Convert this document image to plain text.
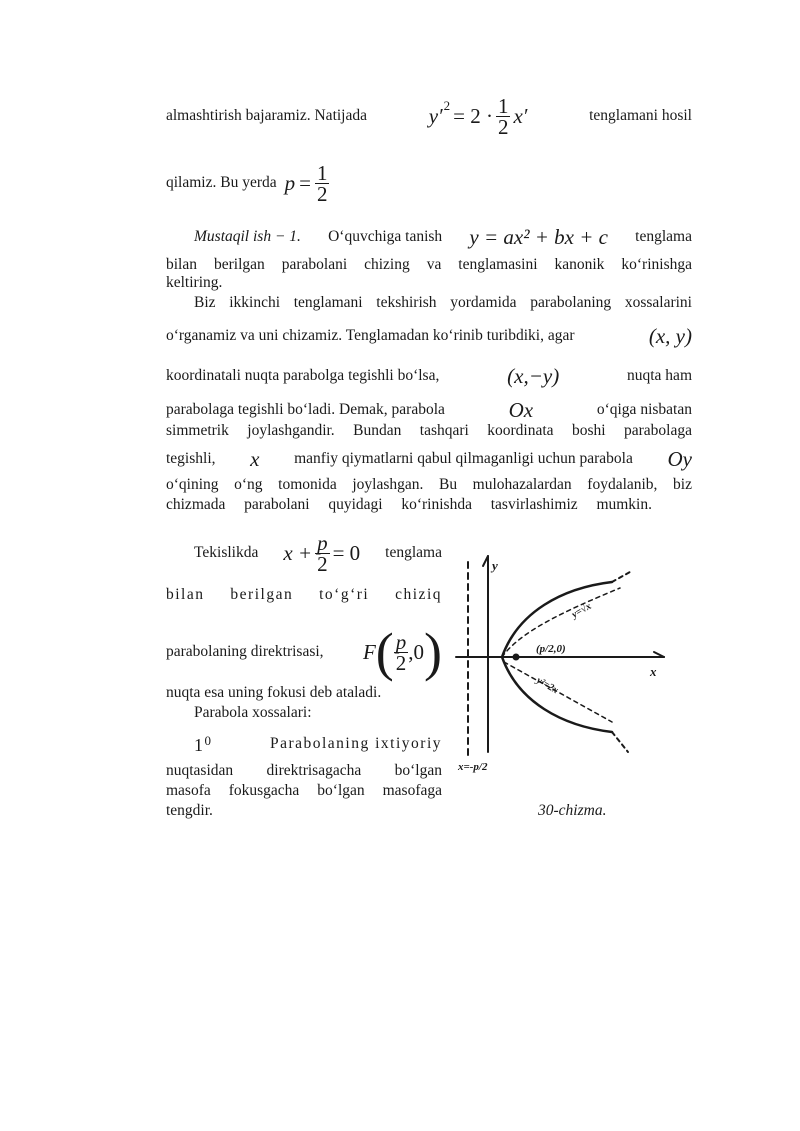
almashtirish bajaramiz. Natijada	$y'^2 = 2 \cdot \frac{1}{2} x'$	tenglamani hosil
qilamiz. Bu yerda $p = \frac{1}{2}$
Mustaqil ish − 1. O‘quvchiga tanish y = ax² + bx + c tenglama
bilan berilgan parabolani chizing va tenglamasini kanonik ko‘rinishga
keltiring.
Biz ikkinchi tenglamani tekshirish yordamida parabolaning xossalarini
o‘rganamiz va uni chizamiz. Tenglamadan ko‘rinib turibdiki, agar	(x, y)
koordinatali nuqta parabolga tegishli bo‘lsa,	(x,−y)	nuqta ham
parabolaga tegishli bo‘ladi. Demak, parabola	Ox	o‘qiga nisbatan
simmetrik joylashgandir. Bundan tashqari koordinata boshi parabolaga
tegishli, x manfiy qiymatlarni qabul qilmaganligi uchun parabola Oy
o‘qining o‘ng tomonida joylashgan. Bu mulohazalardan foydalanib, biz
chizmada parabolani quyidagi ko‘rinishda tasvirlashimiz mumkin.
Tekislikda $x + \frac{p}{2} = 0$ tenglama
bilan berilgan to‘g‘ri chiziq
parabolaning direktrisasi, F ( $\frac{p}{2} ,0$ )
nuqta esa uning fokusi deb ataladi.
Parabola xossalari:
$1^0$	Parabolaning ixtiyoriy
nuqtasidan direktrisagacha bo‘lgan
masofa fokusgacha bo‘lgan masofaga
tengdir.
y
x
y=√x
(p/2,0)
y²=2x
x=-p/2
30-chizma.
